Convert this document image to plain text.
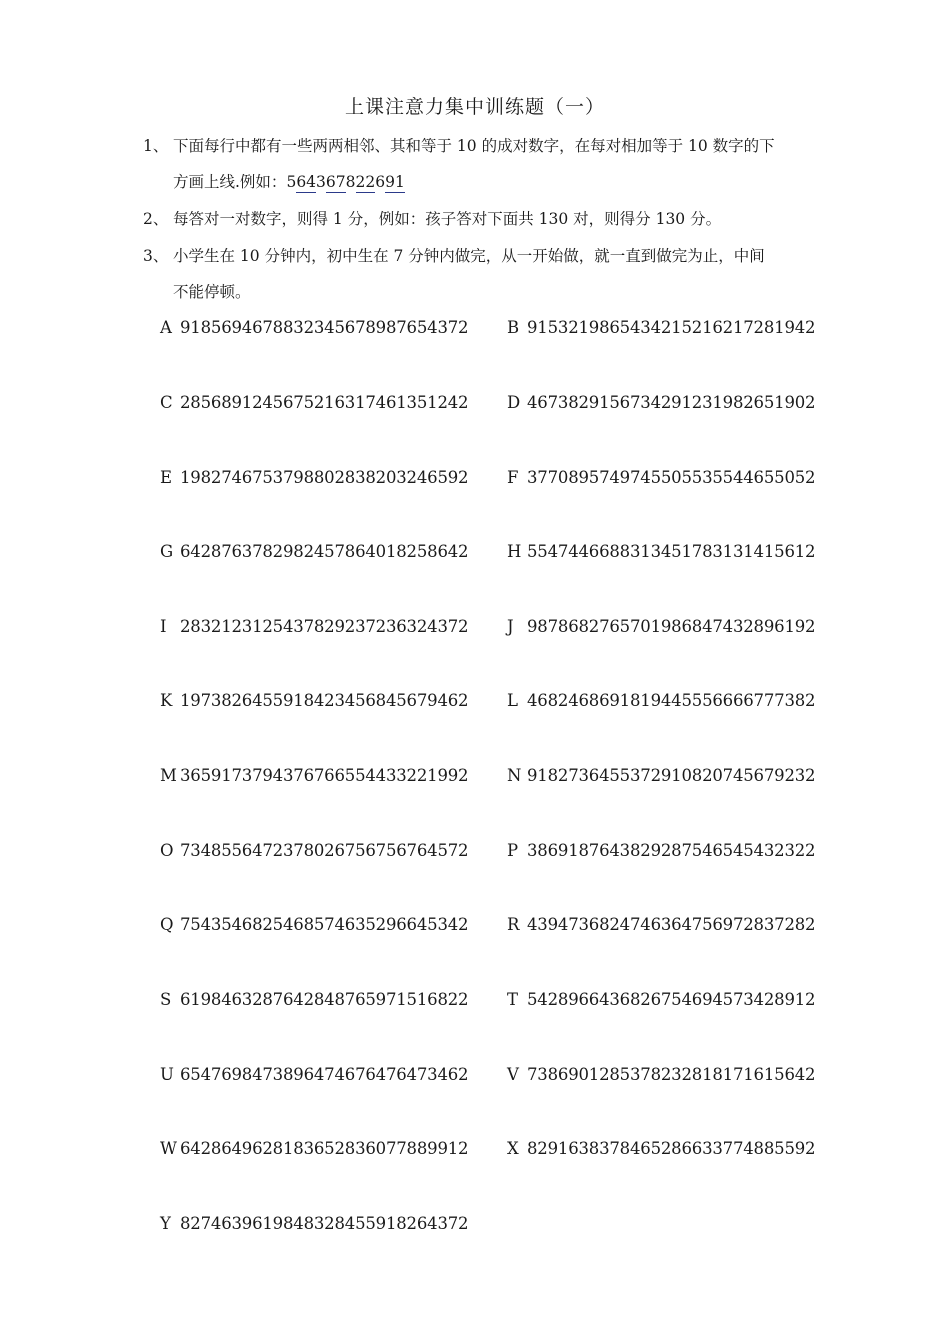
上课注意力集中训练题（一）
1、 下面每行中都有一些两两相邻、其和等于 10 的成对数字，在每对相加等于 10 数字的下
方画上线.例如：564367822691
2、 每答对一对数字，则得 1 分，例如：孩子答对下面共 130 对，则得分 130 分。
3、 小学生在 10 分钟内，初中生在 7 分钟内做完，从一开始做，就一直到做完为止，中间
不能停顿。
A 9185694678832345678987654372
C 2856891245675216317461351242
E 1982746753798802838203246592
G 6428763782982457864018258642
I 2832123125437829237236324372
K 1973826455918423456845679462
M 3659173794376766554433221992
O 7348556472378026756756764572
Q 7543546825468574635296645342
S 6198463287642848765971516822
U 6547698473896474676476473462
W 6428649628183652836077889912
Y 8274639619848328455918264372
B 9153219865434215216217281942
D 4673829156734291231982651902
F 3770895749745505535544655052
H 5547446688313451783131415612
J 9878682765701986847432896192
L 4682468691819445556666777382
N 9182736455372910820745679232
P 3869187643829287546545432322
R 4394736824746364756972837282
T 5428966436826754694573428912
V 7386901285378232818171615642
X 8291638378465286633774885592
